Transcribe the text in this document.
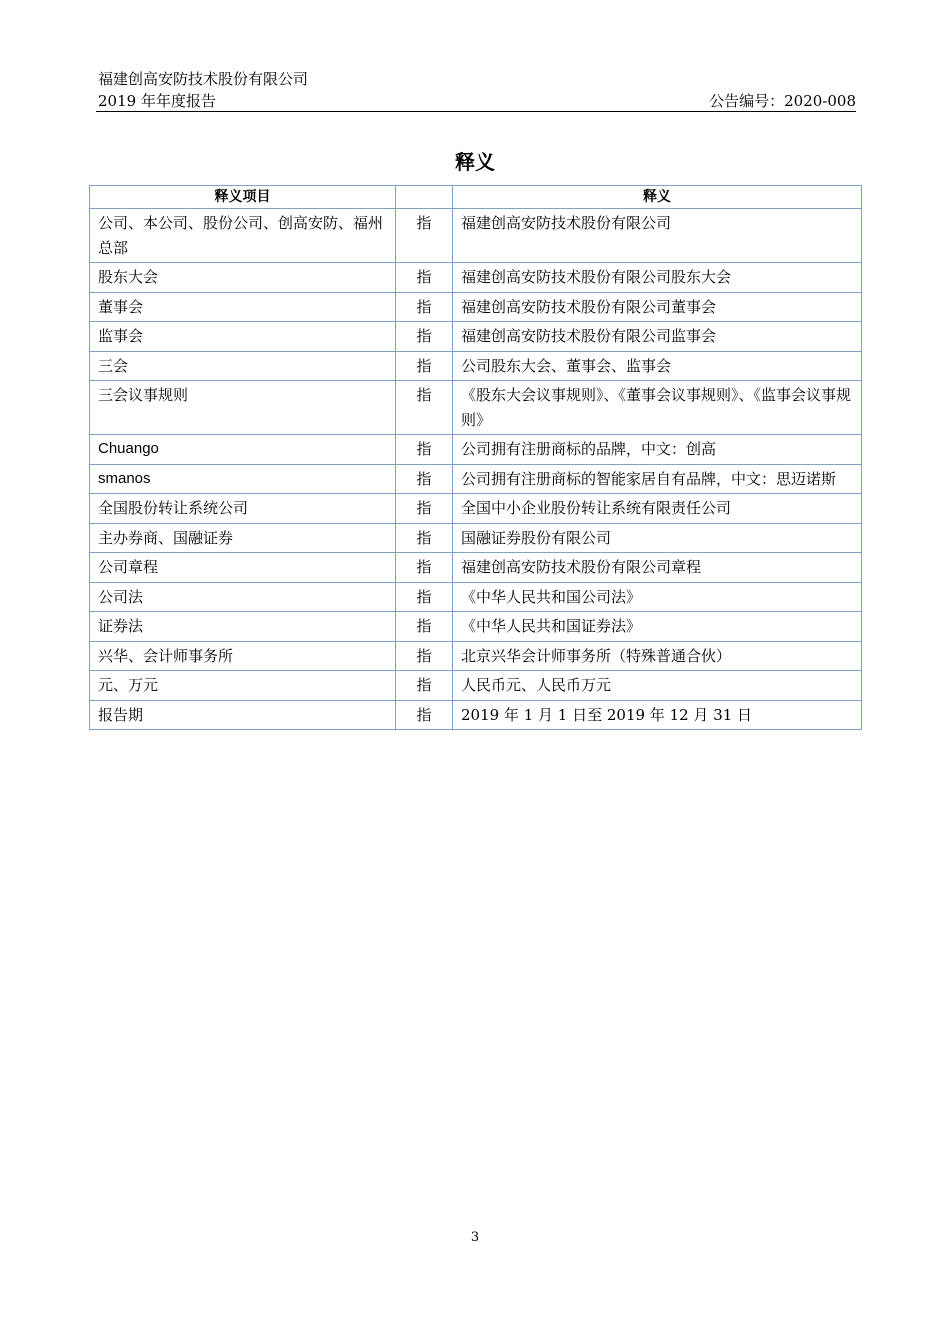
福建创高安防技术股份有限公司
2019 年年度报告	公告编号：2020-008
释义
释义项目		释义
公司、本公司、股份公司、创高安防、福州总部	指	福建创高安防技术股份有限公司
股东大会	指	福建创高安防技术股份有限公司股东大会
董事会	指	福建创高安防技术股份有限公司董事会
监事会	指	福建创高安防技术股份有限公司监事会
三会	指	公司股东大会、董事会、监事会
三会议事规则	指	《股东大会议事规则》、《董事会议事规则》、《监事会议事规则》
Chuango	指	公司拥有注册商标的品牌，中文：创高
smanos	指	公司拥有注册商标的智能家居自有品牌，中文：思迈诺斯
全国股份转让系统公司	指	全国中小企业股份转让系统有限责任公司
主办券商、国融证券	指	国融证券股份有限公司
公司章程	指	福建创高安防技术股份有限公司章程
公司法	指	《中华人民共和国公司法》
证券法	指	《中华人民共和国证券法》
兴华、会计师事务所	指	北京兴华会计师事务所（特殊普通合伙）
元、万元	指	人民币元、人民币万元
报告期	指	2019 年 1 月 1 日至 2019 年 12 月 31 日
3
